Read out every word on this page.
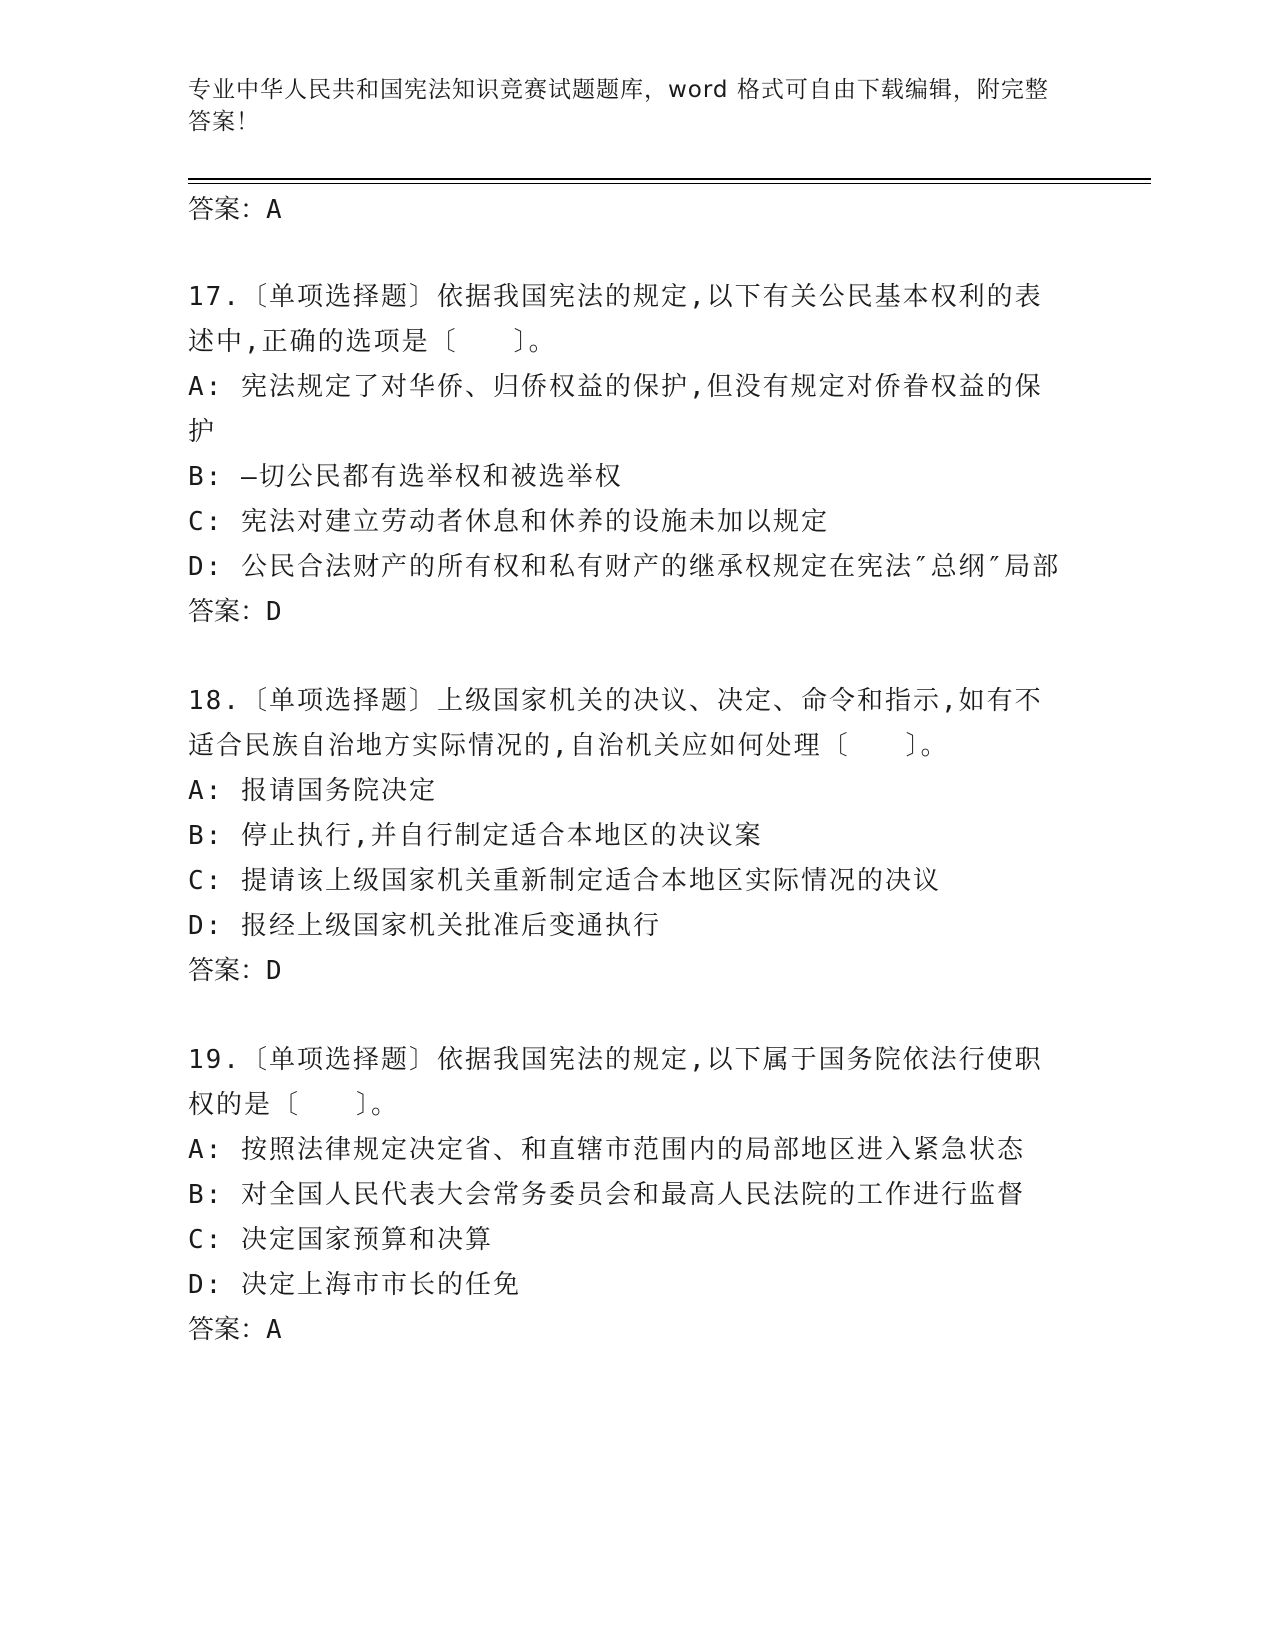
专业中华人民共和国宪法知识竞赛试题题库，word 格式可自由下载编辑，附完整答案！
答案：A
17.〔单项选择题〕依据我国宪法的规定,以下有关公民基本权利的表述中,正确的选项是〔　　〕。
A: 宪法规定了对华侨、归侨权益的保护,但没有规定对侨眷权益的保护
B: —切公民都有选举权和被选举权
C: 宪法对建立劳动者休息和休养的设施未加以规定
D: 公民合法财产的所有权和私有财产的继承权规定在宪法″总纲″局部
答案：D
18.〔单项选择题〕上级国家机关的决议、决定、命令和指示,如有不适合民族自治地方实际情况的,自治机关应如何处理〔　　〕。
A: 报请国务院决定
B: 停止执行,并自行制定适合本地区的决议案
C: 提请该上级国家机关重新制定适合本地区实际情况的决议
D: 报经上级国家机关批准后变通执行
答案：D
19.〔单项选择题〕依据我国宪法的规定,以下属于国务院依法行使职权的是〔　　〕。
A: 按照法律规定决定省、和直辖市范围内的局部地区进入紧急状态
B: 对全国人民代表大会常务委员会和最高人民法院的工作进行监督
C: 决定国家预算和决算
D: 决定上海市市长的任免
答案：A
